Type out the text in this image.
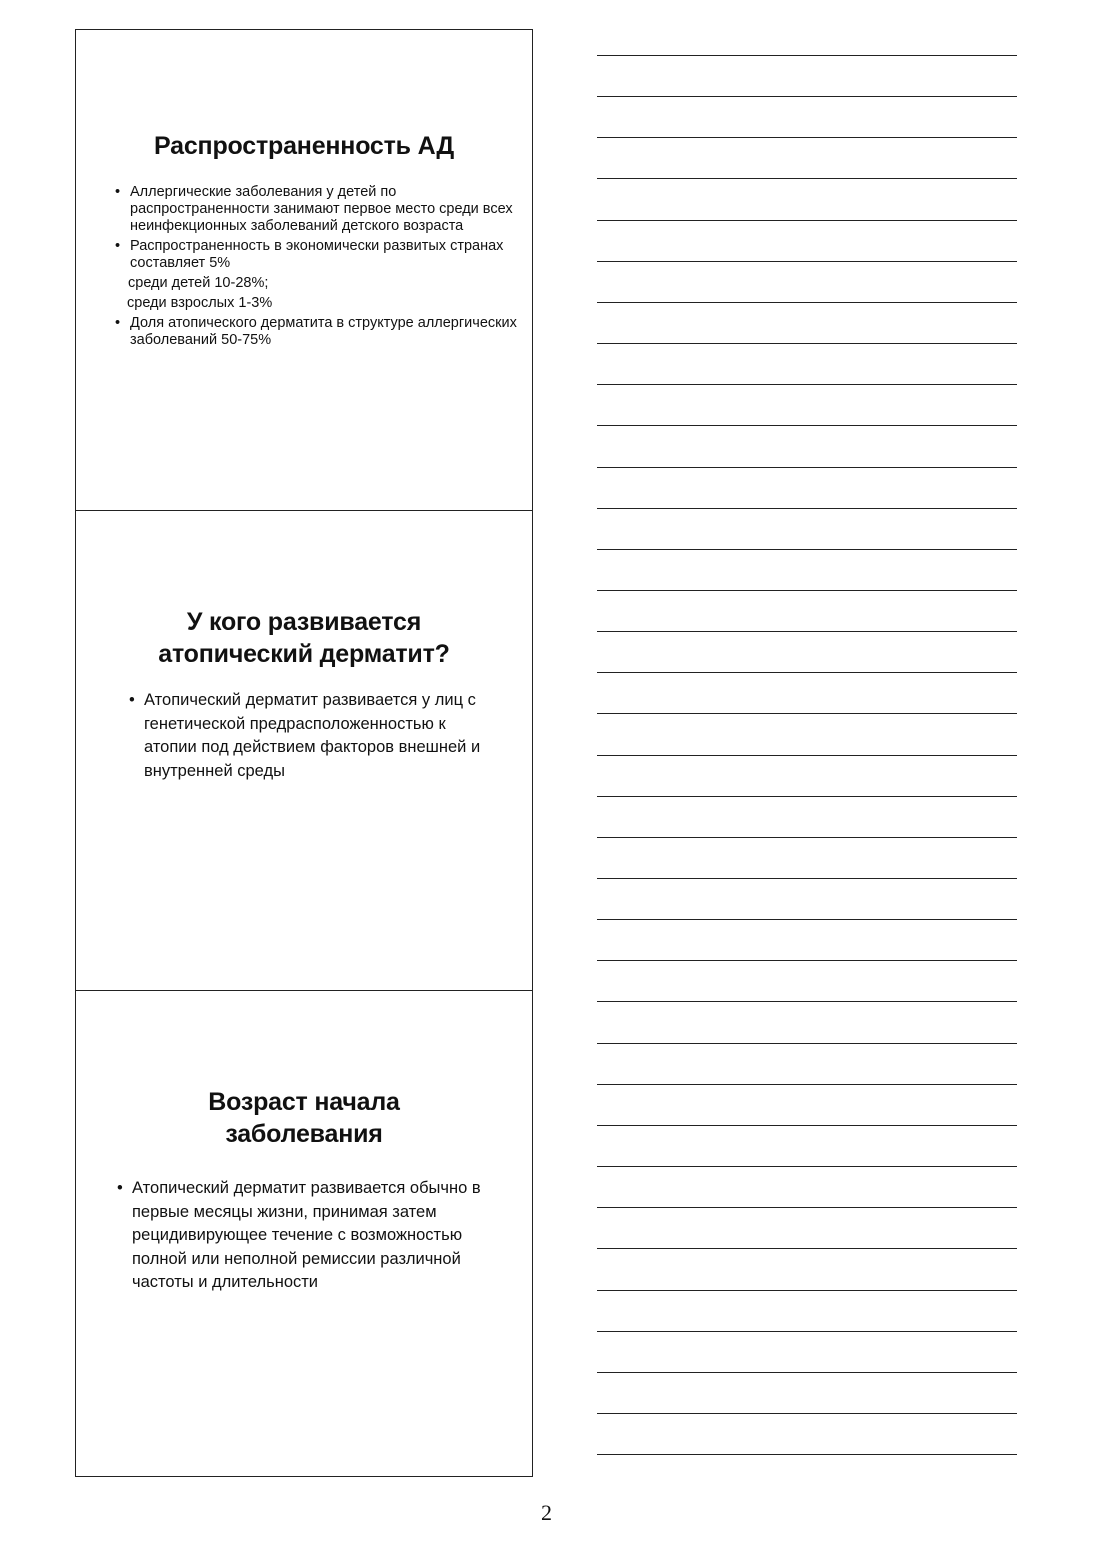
Распространенность АД
• Аллергические заболевания у детей по распространенности занимают первое место среди всех неинфекционных заболеваний детского возраста
• Распространенность в экономически развитых странах составляет 5%
среди детей 10-28%;
среди взрослых 1-3%
• Доля атопического дерматита в структуре аллергических заболеваний 50-75%
У кого развивается
атопический дерматит?
• Атопический дерматит развивается у лиц с генетической предрасположенностью к атопии под действием факторов внешней и внутренней среды
Возраст начала
заболевания
• Атопический дерматит развивается обычно в первые месяцы жизни, принимая затем рецидивирующее течение с возможностью полной или неполной ремиссии различной частоты и длительности
2
